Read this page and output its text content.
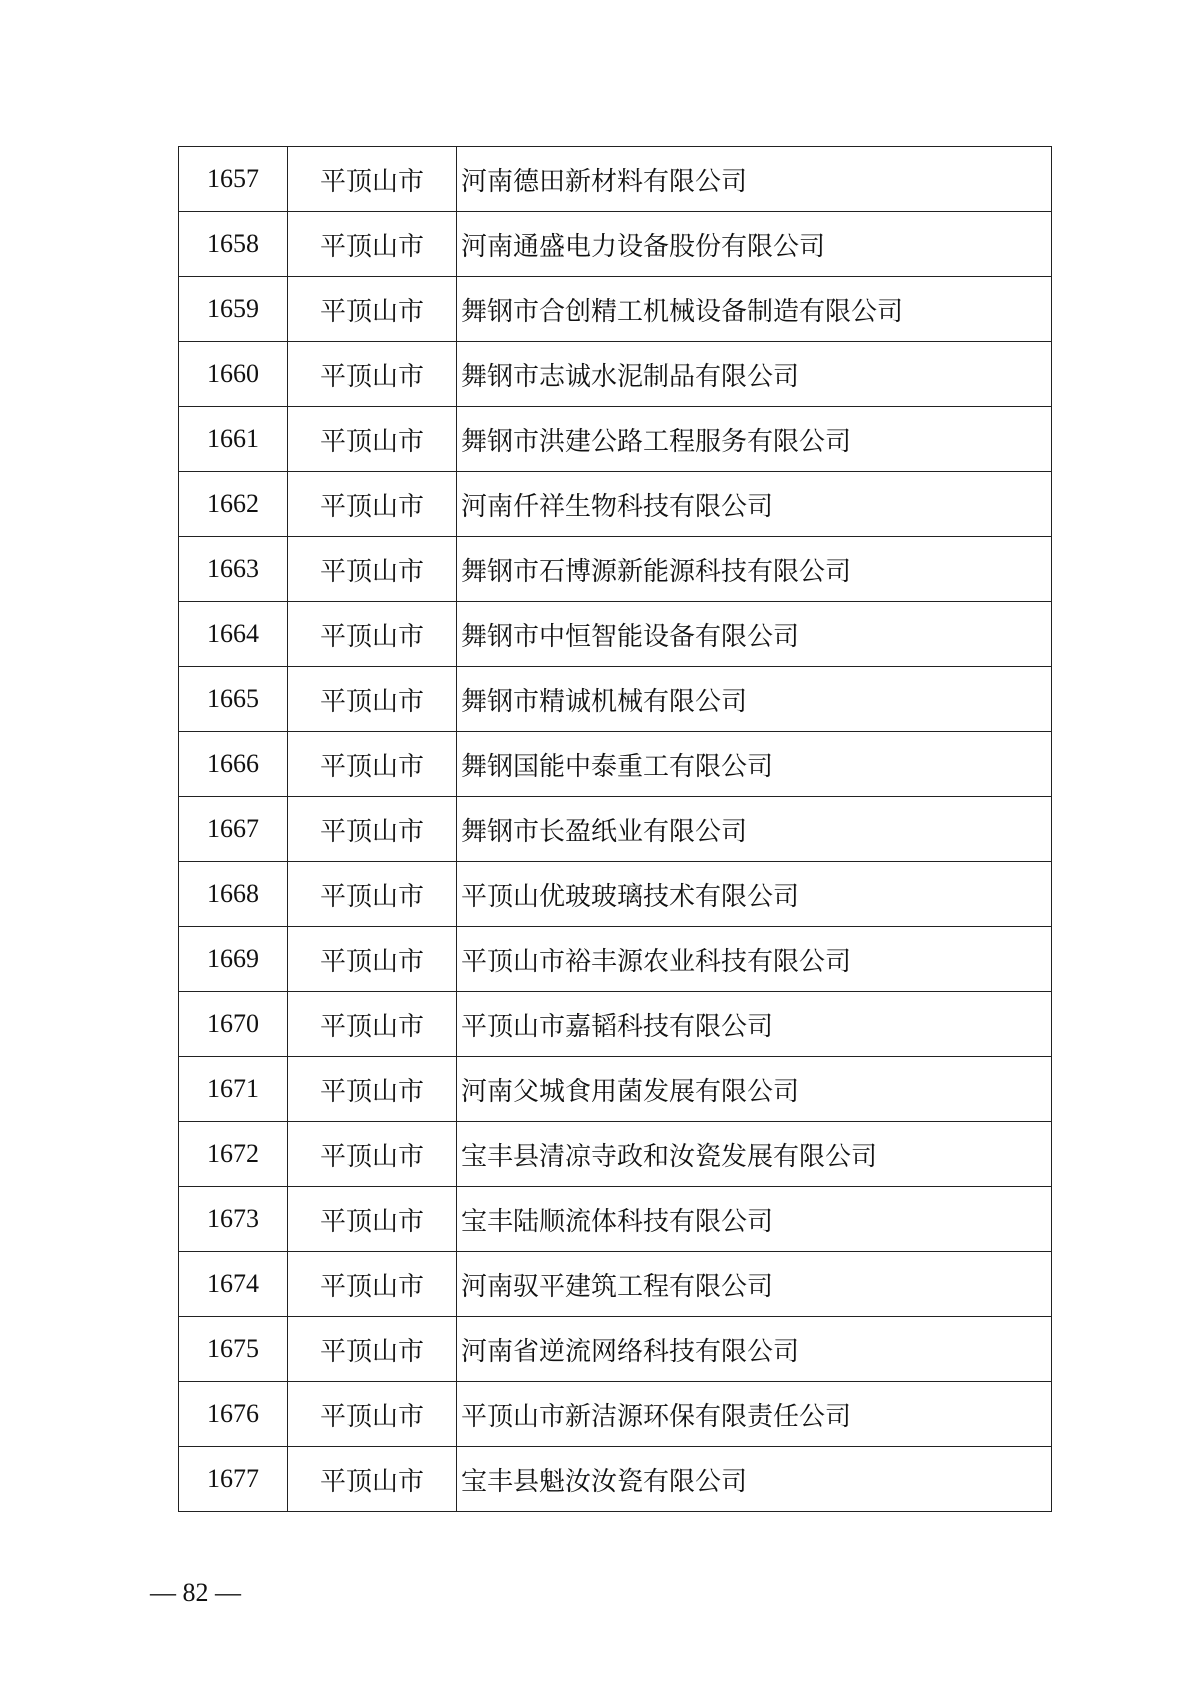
1657	平顶山市	河南德田新材料有限公司
1658	平顶山市	河南通盛电力设备股份有限公司
1659	平顶山市	舞钢市合创精工机械设备制造有限公司
1660	平顶山市	舞钢市志诚水泥制品有限公司
1661	平顶山市	舞钢市洪建公路工程服务有限公司
1662	平顶山市	河南仟祥生物科技有限公司
1663	平顶山市	舞钢市石博源新能源科技有限公司
1664	平顶山市	舞钢市中恒智能设备有限公司
1665	平顶山市	舞钢市精诚机械有限公司
1666	平顶山市	舞钢国能中泰重工有限公司
1667	平顶山市	舞钢市长盈纸业有限公司
1668	平顶山市	平顶山优玻玻璃技术有限公司
1669	平顶山市	平顶山市裕丰源农业科技有限公司
1670	平顶山市	平顶山市嘉韬科技有限公司
1671	平顶山市	河南父城食用菌发展有限公司
1672	平顶山市	宝丰县清凉寺政和汝瓷发展有限公司
1673	平顶山市	宝丰陆顺流体科技有限公司
1674	平顶山市	河南驭平建筑工程有限公司
1675	平顶山市	河南省逆流网络科技有限公司
1676	平顶山市	平顶山市新洁源环保有限责任公司
1677	平顶山市	宝丰县魁汝汝瓷有限公司
— 82 —
